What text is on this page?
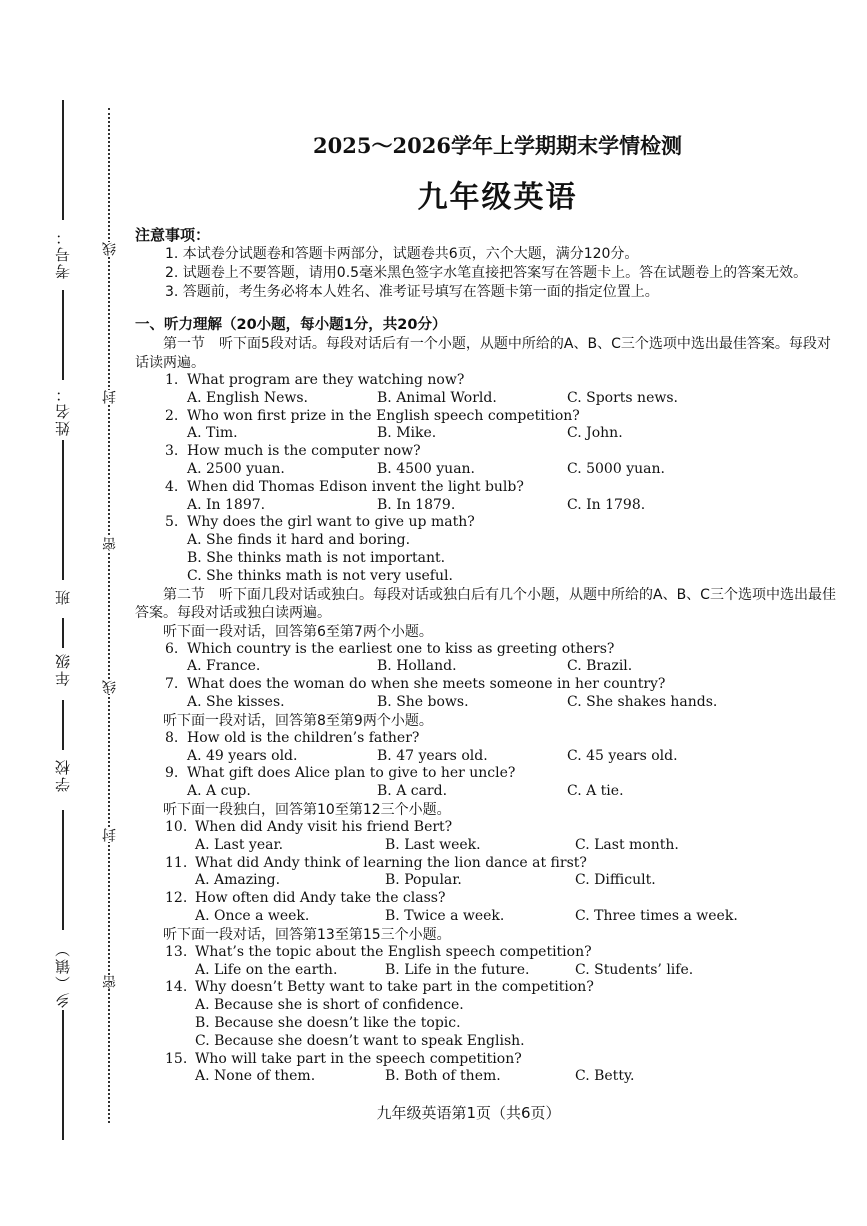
考号：
姓名：
班
年级
学校
乡（镇）
线
封
密
线
封
密
2025～2026学年上学期期末学情检测
九年级英语
注意事项：

1. 本试卷分试题卷和答题卡两部分，试题卷共6页，六个大题，满分120分。

2. 试题卷上不要答题，请用0.5毫米黑色签字水笔直接把答案写在答题卡上。答在试题卷上的答案无效。

3. 答题前，考生务必将本人姓名、准考证号填写在答题卡第一面的指定位置上。

一、听力理解（20小题，每小题1分，共20分）

第一节　听下面5段对话。每段对话后有一个小题，从题中所给的A、B、C三个选项中选出最佳答案。每段对话读两遍。

1. What program are they watching now?
A. English News.	B. Animal World.	C. Sports news.
2. Who won first prize in the English speech competition?
A. Tim.	B. Mike.	C. John.
3. How much is the computer now?
A. 2500 yuan.	B. 4500 yuan.	C. 5000 yuan.
4. When did Thomas Edison invent the light bulb?
A. In 1897.	B. In 1879.	C. In 1798.
5. Why does the girl want to give up math?
A. She finds it hard and boring.
B. She thinks math is not important.
C. She thinks math is not very useful.

第二节　听下面几段对话或独白。每段对话或独白后有几个小题，从题中所给的A、B、C三个选项中选出最佳答案。每段对话或独白读两遍。

听下面一段对话，回答第6至第7两个小题。
6. Which country is the earliest one to kiss as greeting others?
A. France.	B. Holland.	C. Brazil.
7. What does the woman do when she meets someone in her country?
A. She kisses.	B. She bows.	C. She shakes hands.
听下面一段对话，回答第8至第9两个小题。
8. How old is the children’s father?
A. 49 years old.	B. 47 years old.	C. 45 years old.
9. What gift does Alice plan to give to her uncle?
A. A cup.	B. A card.	C. A tie.
听下面一段独白，回答第10至第12三个小题。
10. When did Andy visit his friend Bert?
A. Last year.	B. Last week.	C. Last month.
11. What did Andy think of learning the lion dance at first?
A. Amazing.	B. Popular.	C. Difficult.
12. How often did Andy take the class?
A. Once a week.	B. Twice a week.	C. Three times a week.
听下面一段对话，回答第13至第15三个小题。
13. What’s the topic about the English speech competition?
A. Life on the earth.	B. Life in the future.	C. Students’ life.
14. Why doesn’t Betty want to take part in the competition?
A. Because she is short of confidence.
B. Because she doesn’t like the topic.
C. Because she doesn’t want to speak English.
15. Who will take part in the speech competition?
A. None of them.	B. Both of them.	C. Betty.
九年级英语第1页（共6页）
